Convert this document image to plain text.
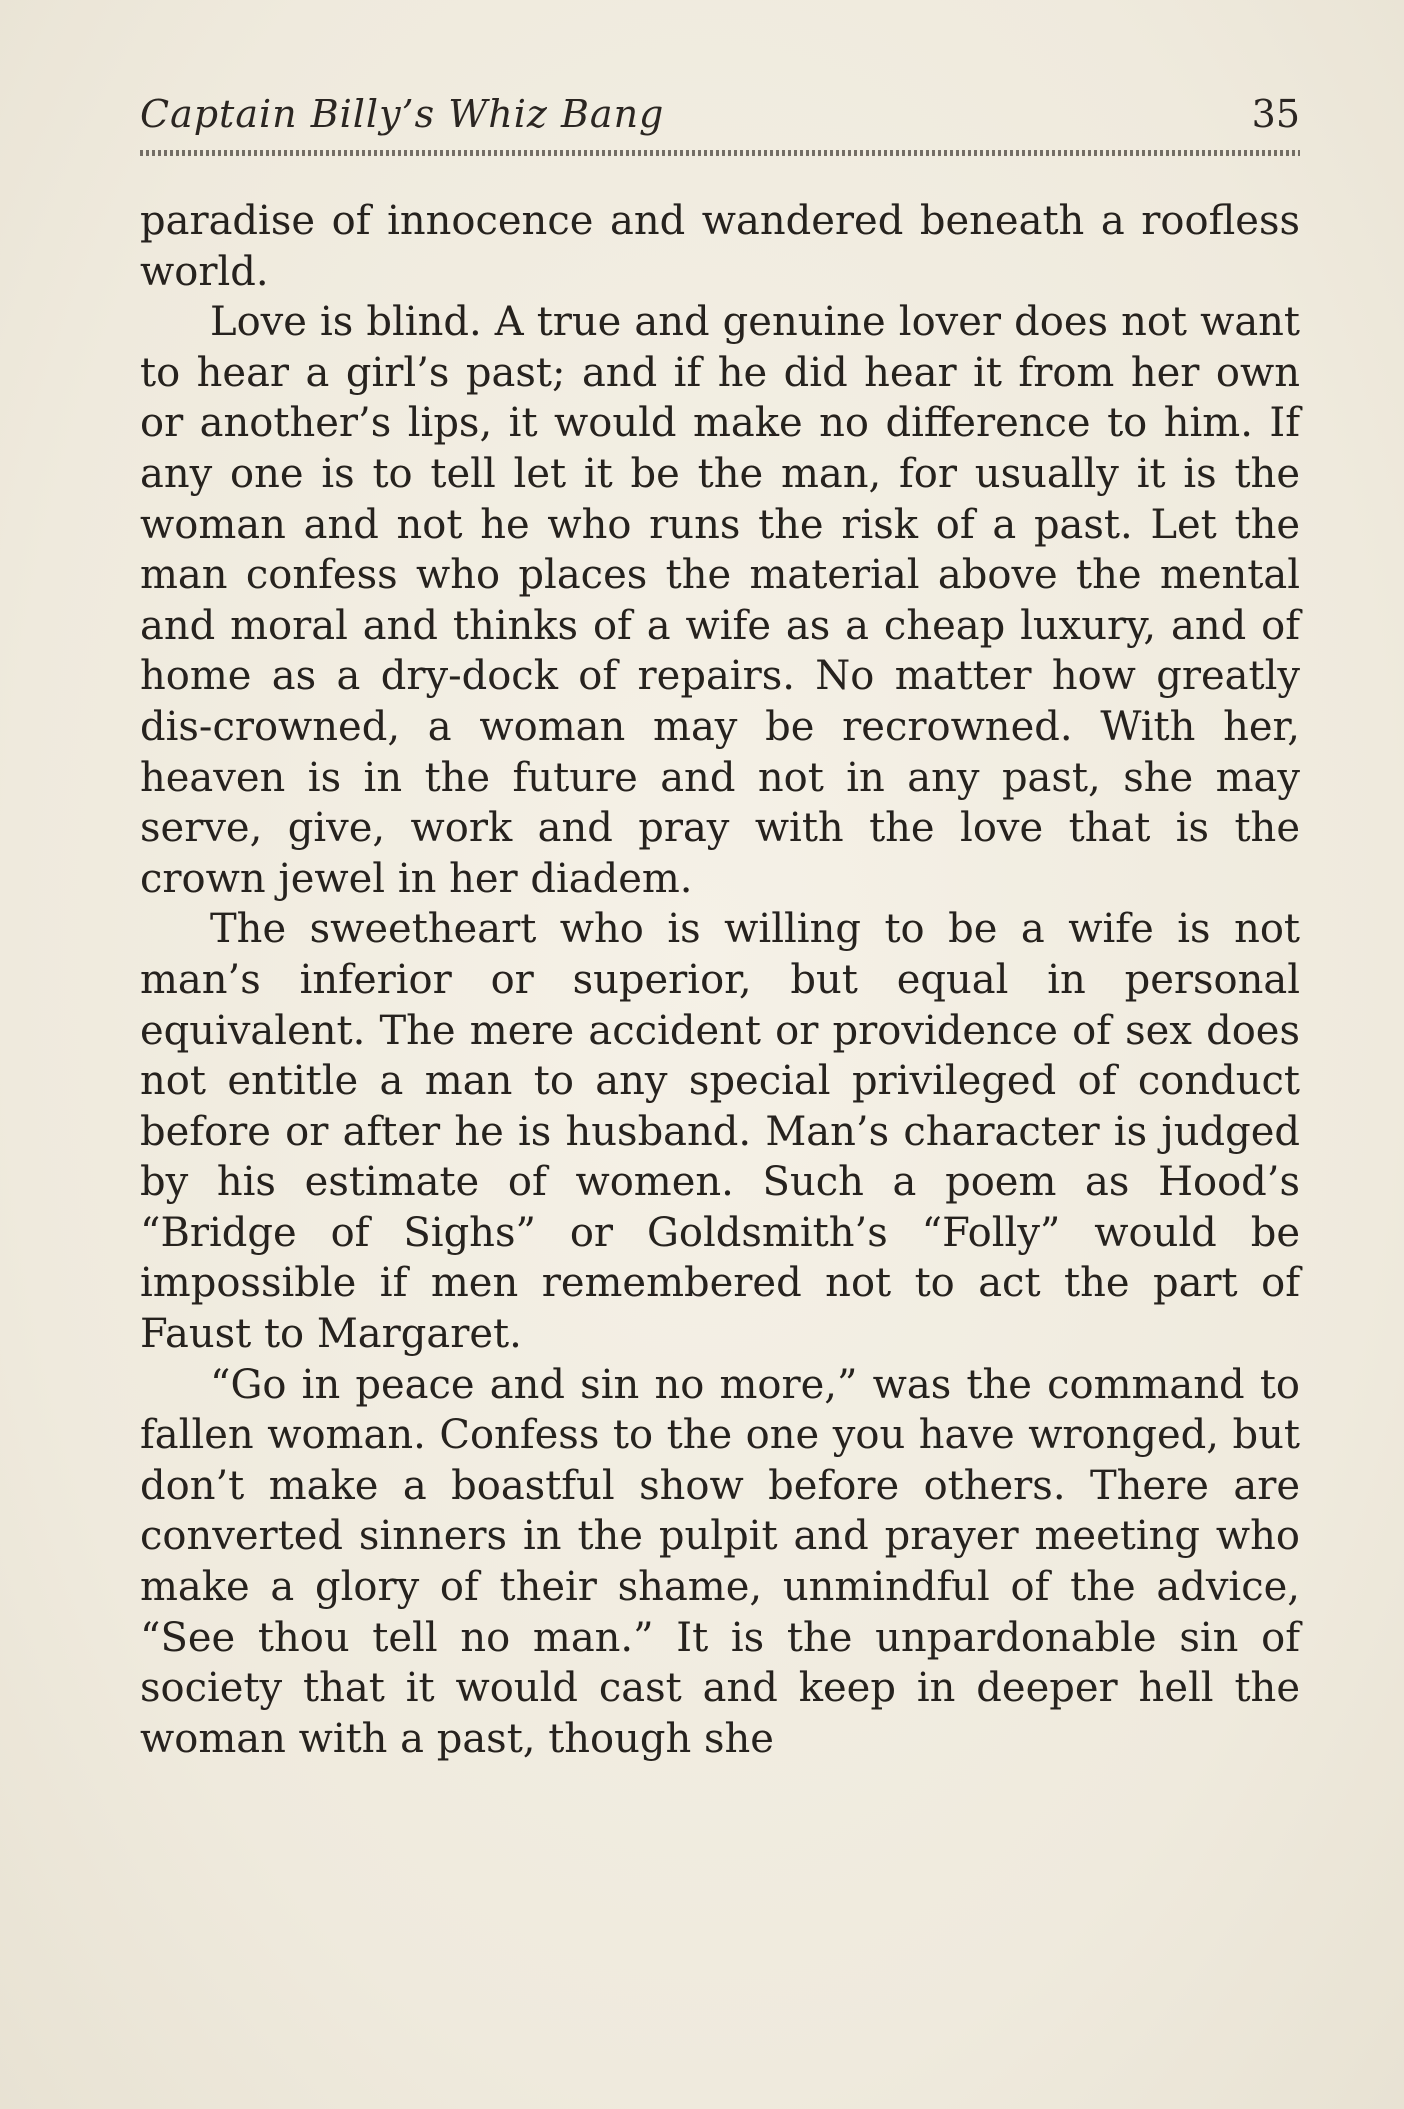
Captain Billy’s Whiz Bang	35

paradise of innocence and wandered beneath a roofless world.

Love is blind. A true and genuine lover does not want to hear a girl’s past; and if he did hear it from her own or another’s lips, it would make no difference to him. If any one is to tell let it be the man, for usually it is the woman and not he who runs the risk of a past. Let the man confess who places the material above the mental and moral and thinks of a wife as a cheap luxury, and of home as a dry-dock of repairs. No matter how greatly dis-crowned, a woman may be recrowned. With her, heaven is in the future and not in any past, she may serve, give, work and pray with the love that is the crown jewel in her diadem.

The sweetheart who is willing to be a wife is not man’s inferior or superior, but equal in personal equivalent. The mere accident or providence of sex does not entitle a man to any special privileged of conduct before or after he is husband. Man’s character is judged by his estimate of women. Such a poem as Hood’s “Bridge of Sighs” or Goldsmith’s “Folly” would be impossible if men remembered not to act the part of Faust to Margaret.

“Go in peace and sin no more,” was the command to fallen woman. Confess to the one you have wronged, but don’t make a boastful show before others. There are converted sinners in the pulpit and prayer meeting who make a glory of their shame, unmindful of the advice, “See thou tell no man.” It is the unpardonable sin of society that it would cast and keep in deeper hell the woman with a past, though she
